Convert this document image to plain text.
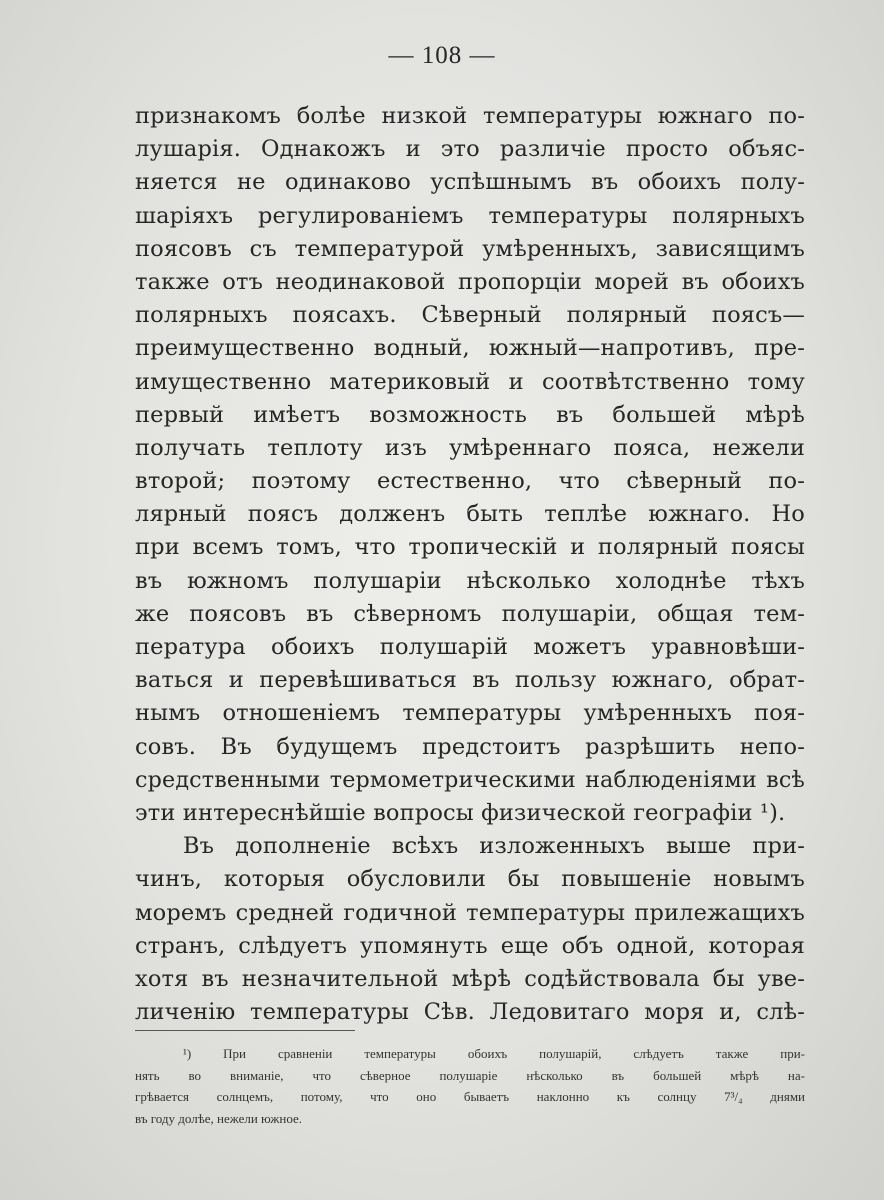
— 108 —
признакомъ болѣе низкой температуры южнаго по-
лушарія. Однакожъ и это различіе просто объяс-
няется не одинаково успѣшнымъ въ обоихъ полу-
шаріяхъ регулированіемъ температуры полярныхъ
поясовъ съ температурой умѣренныхъ, зависящимъ
также отъ неодинаковой пропорціи морей въ обоихъ
полярныхъ поясахъ. Сѣверный полярный поясъ—
преимущественно водный, южный—напротивъ, пре-
имущественно материковый и соотвѣтственно тому
первый имѣетъ возможность въ большей мѣрѣ
получать теплоту изъ умѣреннаго пояса, нежели
второй; поэтому естественно, что сѣверный по-
лярный поясъ долженъ быть теплѣе южнаго. Но
при всемъ томъ, что тропическій и полярный поясы
въ южномъ полушаріи нѣсколько холоднѣе тѣхъ
же поясовъ въ сѣверномъ полушаріи, общая тем-
пература обоихъ полушарій можетъ уравновѣши-
ваться и перевѣшиваться въ пользу южнаго, обрат-
нымъ отношеніемъ температуры умѣренныхъ поя-
совъ. Въ будущемъ предстоитъ разрѣшить непо-
средственными термометрическими наблюденіями всѣ
эти интереснѣйшіе вопросы физической географіи ¹).
Въ дополненіе всѣхъ изложенныхъ выше при-
чинъ, которыя обусловили бы повышеніе новымъ
моремъ средней годичной температуры прилежащихъ
странъ, слѣдуетъ упомянуть еще объ одной, которая
хотя въ незначительной мѣрѣ содѣйствовала бы уве-
личенію температуры Сѣв. Ледовитаго моря и, слѣ-
¹) При сравненіи температуры обоихъ полушарій, слѣдуетъ также при-
нять во вниманіе, что сѣверное полушаріе нѣсколько въ большей мѣрѣ на-
грѣвается солнцемъ, потому, что оно бываетъ наклонно къ солнцу 7³/₄ днями
въ году долѣе, нежели южное.
